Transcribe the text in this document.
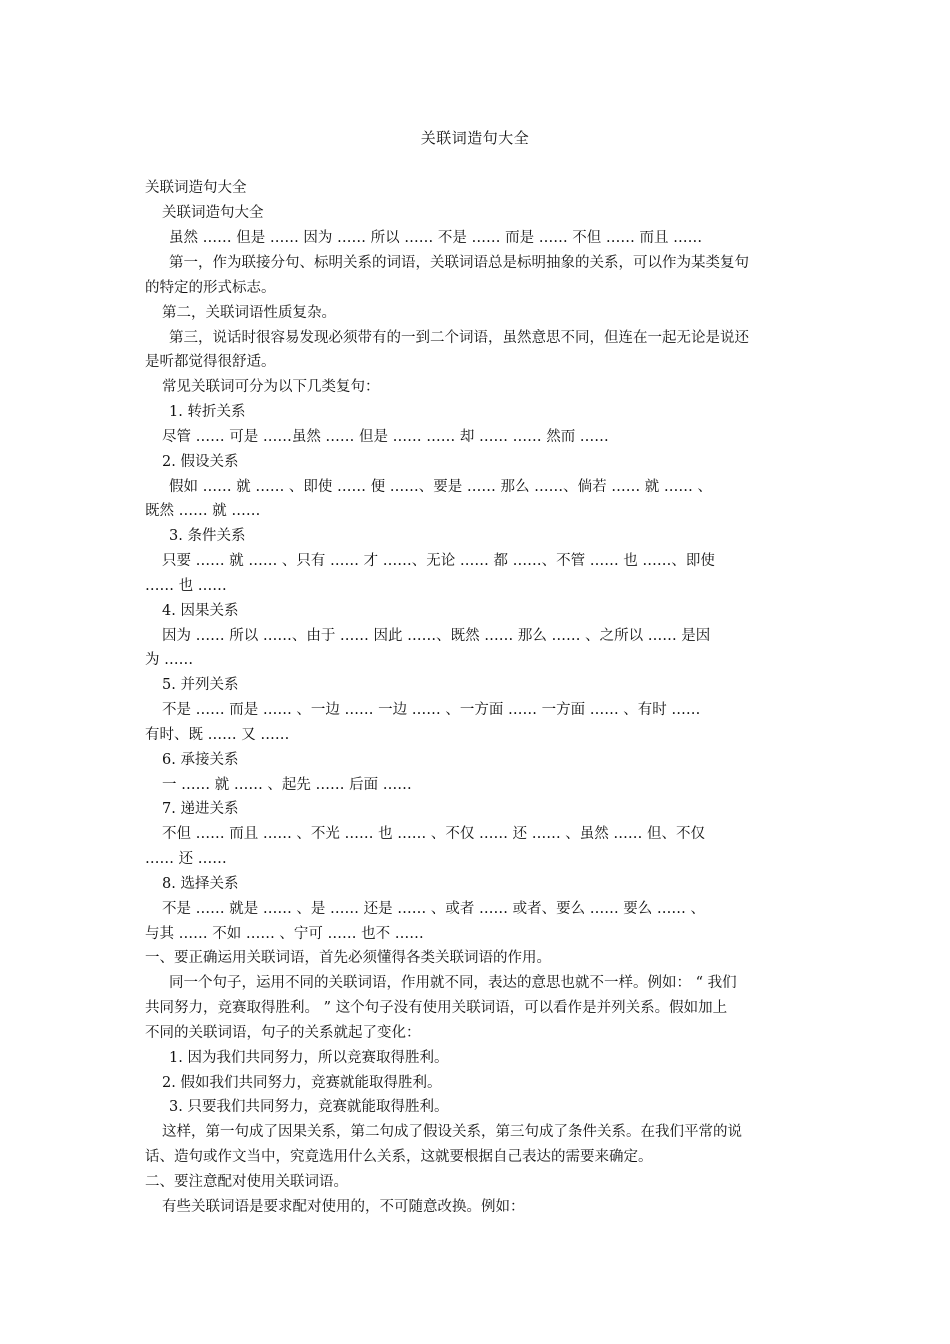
关联词造句大全
关联词造句大全
关联词造句大全
虽然 …… 但是 …… 因为 …… 所以 …… 不是 …… 而是 …… 不但 …… 而且 ……
第一，作为联接分句、标明关系的词语，关联词语总是标明抽象的关系，可以作为某类复句
的特定的形式标志。
第二，关联词语性质复杂。
第三，说话时很容易发现必须带有的一到二个词语，虽然意思不同，但连在一起无论是说还
是听都觉得很舒适。
常见关联词可分为以下几类复句：
1. 转折关系
尽管 …… 可是 ……虽然 …… 但是 …… …… 却 …… …… 然而 ……
2. 假设关系
假如 …… 就 …… 、即使 …… 便 ……、要是 …… 那么 ……、倘若 …… 就 …… 、
既然 …… 就 ……
3. 条件关系
只要 …… 就 …… 、只有 …… 才 ……、无论 …… 都 ……、不管 …… 也 ……、即使
…… 也 ……
4. 因果关系
因为 …… 所以 ……、由于 …… 因此 ……、既然 …… 那么 …… 、之所以 …… 是因
为 ……
5. 并列关系
不是 …… 而是 …… 、一边 …… 一边 …… 、一方面 …… 一方面 …… 、有时 ……
有时、既 …… 又 ……
6. 承接关系
一 …… 就 …… 、起先 …… 后面 ……
7. 递进关系
不但 …… 而且 …… 、不光 …… 也 …… 、不仅 …… 还 …… 、虽然 …… 但、不仅
…… 还 ……
8. 选择关系
不是 …… 就是 …… 、是 …… 还是 …… 、或者 …… 或者、要么 …… 要么 …… 、
与其 …… 不如 …… 、宁可 …… 也不 ……
一、要正确运用关联词语，首先必须懂得各类关联词语的作用。
同一个句子，运用不同的关联词语，作用就不同，表达的意思也就不一样。例如： “ 我们
共同努力，竞赛取得胜利。 ” 这个句子没有使用关联词语，可以看作是并列关系。假如加上
不同的关联词语，句子的关系就起了变化：
1. 因为我们共同努力，所以竞赛取得胜利。
2. 假如我们共同努力，竞赛就能取得胜利。
3. 只要我们共同努力，竞赛就能取得胜利。
这样，第一句成了因果关系，第二句成了假设关系，第三句成了条件关系。在我们平常的说
话、造句或作文当中，究竟选用什么关系，这就要根据自己表达的需要来确定。
二、要注意配对使用关联词语。
有些关联词语是要求配对使用的，不可随意改换。例如：
